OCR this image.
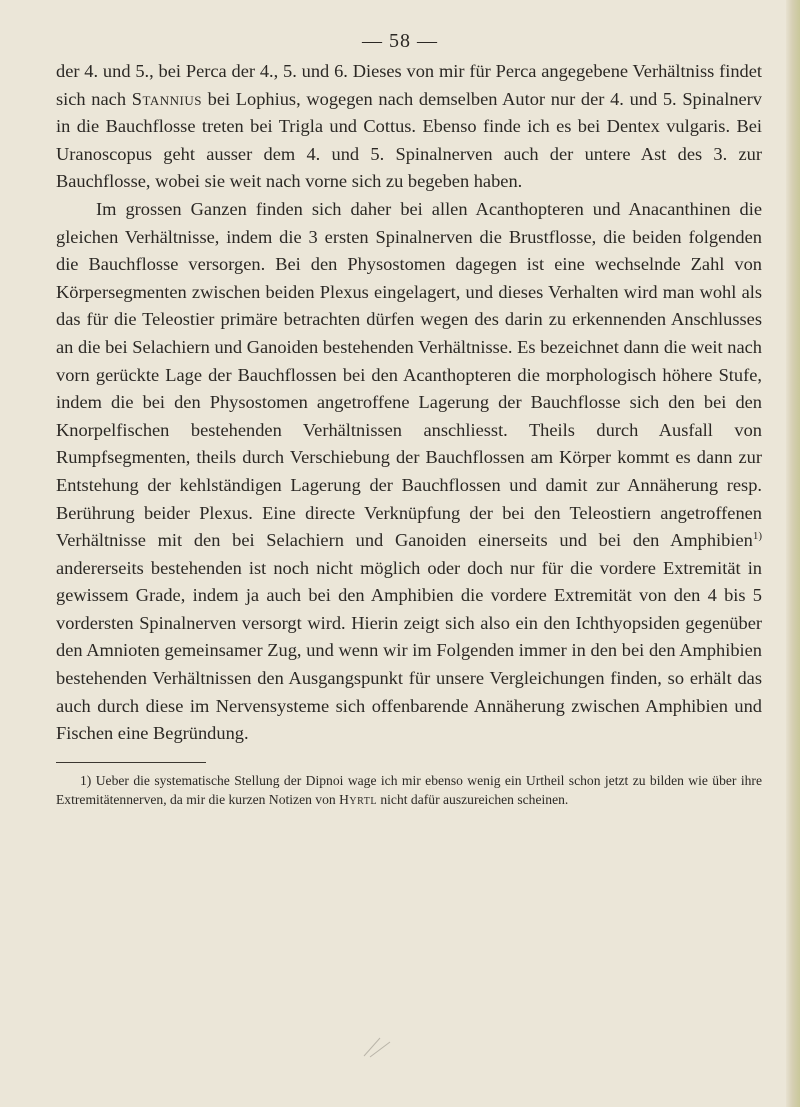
— 58 —

der 4. und 5., bei Perca der 4., 5. und 6. Dieses von mir für Perca angegebene Verhältniss findet sich nach Stannius bei Lophius, wogegen nach demselben Autor nur der 4. und 5. Spinalnerv in die Bauchflosse treten bei Trigla und Cottus. Ebenso finde ich es bei Dentex vulgaris. Bei Uranoscopus geht ausser dem 4. und 5. Spinalnerven auch der untere Ast des 3. zur Bauchflosse, wobei sie weit nach vorne sich zu begeben haben.

Im grossen Ganzen finden sich daher bei allen Acanthopteren und Anacanthinen die gleichen Verhältnisse, indem die 3 ersten Spinalnerven die Brustflosse, die beiden folgenden die Bauchflosse versorgen. Bei den Physostomen dagegen ist eine wechselnde Zahl von Körpersegmenten zwischen beiden Plexus eingelagert, und dieses Verhalten wird man wohl als das für die Teleostier primäre betrachten dürfen wegen des darin zu erkennenden Anschlusses an die bei Selachiern und Ganoiden bestehenden Verhältnisse. Es bezeichnet dann die weit nach vorn gerückte Lage der Bauchflossen bei den Acanthopteren die morphologisch höhere Stufe, indem die bei den Physostomen angetroffene Lagerung der Bauchflosse sich den bei den Knorpelfischen bestehenden Verhältnissen anschliesst. Theils durch Ausfall von Rumpfsegmenten, theils durch Verschiebung der Bauchflossen am Körper kommt es dann zur Entstehung der kehlständigen Lagerung der Bauchflossen und damit zur Annäherung resp. Berührung beider Plexus. Eine directe Verknüpfung der bei den Teleostiern angetroffenen Verhältnisse mit den bei Selachiern und Ganoiden einerseits und bei den Amphibien$^{1)}$ andererseits bestehenden ist noch nicht möglich oder doch nur für die vordere Extremität in gewissem Grade, indem ja auch bei den Amphibien die vordere Extremität von den 4 bis 5 vordersten Spinalnerven versorgt wird. Hierin zeigt sich also ein den Ichthyopsiden gegenüber den Amnioten gemeinsamer Zug, und wenn wir im Folgenden immer in den bei den Amphibien bestehenden Verhältnissen den Ausgangspunkt für unsere Vergleichungen finden, so erhält das auch durch diese im Nervensysteme sich offenbarende Annäherung zwischen Amphibien und Fischen eine Begründung.

1) Ueber die systematische Stellung der Dipnoi wage ich mir ebenso wenig ein Urtheil schon jetzt zu bilden wie über ihre Extremitätennerven, da mir die kurzen Notizen von Hyrtl nicht dafür auszureichen scheinen.
